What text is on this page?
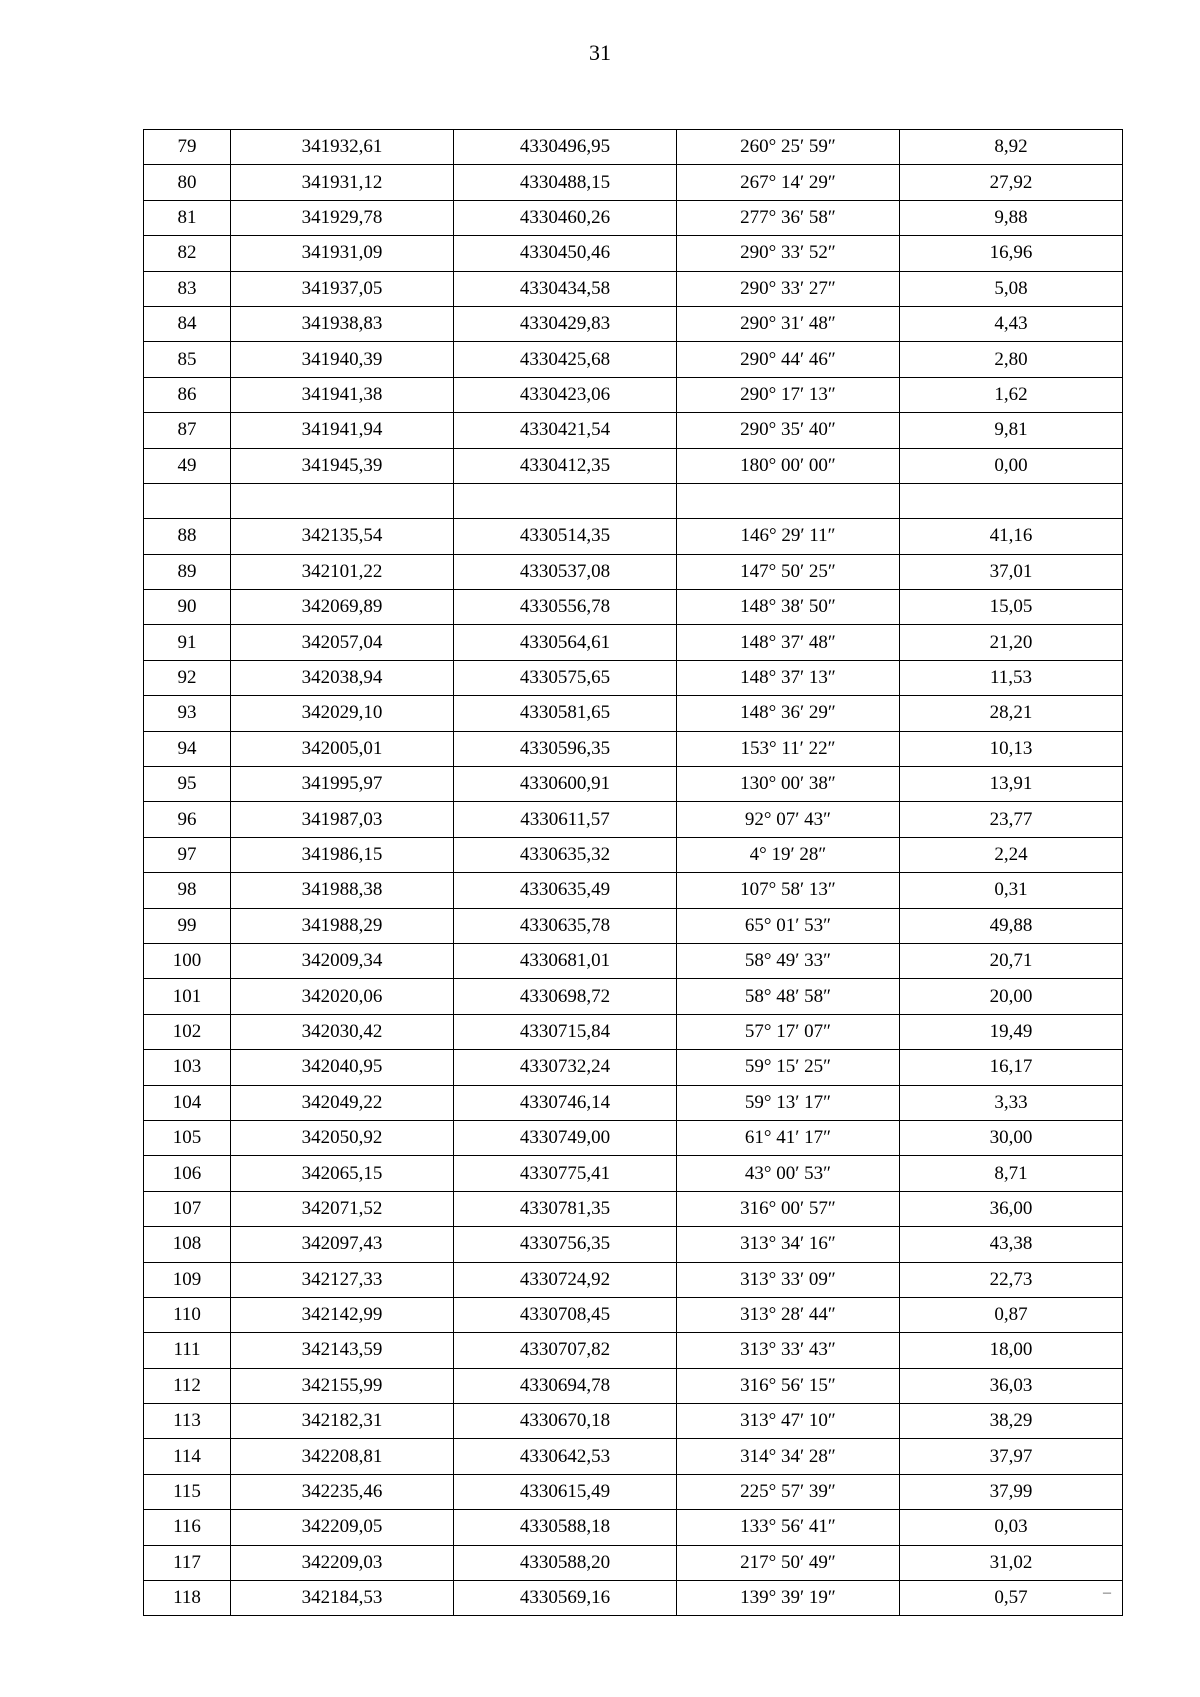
31
79	341932,61	4330496,95	260° 25′ 59″	8,92
80	341931,12	4330488,15	267° 14′ 29″	27,92
81	341929,78	4330460,26	277° 36′ 58″	9,88
82	341931,09	4330450,46	290° 33′ 52″	16,96
83	341937,05	4330434,58	290° 33′ 27″	5,08
84	341938,83	4330429,83	290° 31′ 48″	4,43
85	341940,39	4330425,68	290° 44′ 46″	2,80
86	341941,38	4330423,06	290° 17′ 13″	1,62
87	341941,94	4330421,54	290° 35′ 40″	9,81
49	341945,39	4330412,35	180° 00′ 00″	0,00

88	342135,54	4330514,35	146° 29′ 11″	41,16
89	342101,22	4330537,08	147° 50′ 25″	37,01
90	342069,89	4330556,78	148° 38′ 50″	15,05
91	342057,04	4330564,61	148° 37′ 48″	21,20
92	342038,94	4330575,65	148° 37′ 13″	11,53
93	342029,10	4330581,65	148° 36′ 29″	28,21
94	342005,01	4330596,35	153° 11′ 22″	10,13
95	341995,97	4330600,91	130° 00′ 38″	13,91
96	341987,03	4330611,57	92° 07′ 43″	23,77
97	341986,15	4330635,32	4° 19′ 28″	2,24
98	341988,38	4330635,49	107° 58′ 13″	0,31
99	341988,29	4330635,78	65° 01′ 53″	49,88
100	342009,34	4330681,01	58° 49′ 33″	20,71
101	342020,06	4330698,72	58° 48′ 58″	20,00
102	342030,42	4330715,84	57° 17′ 07″	19,49
103	342040,95	4330732,24	59° 15′ 25″	16,17
104	342049,22	4330746,14	59° 13′ 17″	3,33
105	342050,92	4330749,00	61° 41′ 17″	30,00
106	342065,15	4330775,41	43° 00′ 53″	8,71
107	342071,52	4330781,35	316° 00′ 57″	36,00
108	342097,43	4330756,35	313° 34′ 16″	43,38
109	342127,33	4330724,92	313° 33′ 09″	22,73
110	342142,99	4330708,45	313° 28′ 44″	0,87
111	342143,59	4330707,82	313° 33′ 43″	18,00
112	342155,99	4330694,78	316° 56′ 15″	36,03
113	342182,31	4330670,18	313° 47′ 10″	38,29
114	342208,81	4330642,53	314° 34′ 28″	37,97
115	342235,46	4330615,49	225° 57′ 39″	37,99
116	342209,05	4330588,18	133° 56′ 41″	0,03
117	342209,03	4330588,20	217° 50′ 49″	31,02
118	342184,53	4330569,16	139° 39′ 19″	0,57	–
